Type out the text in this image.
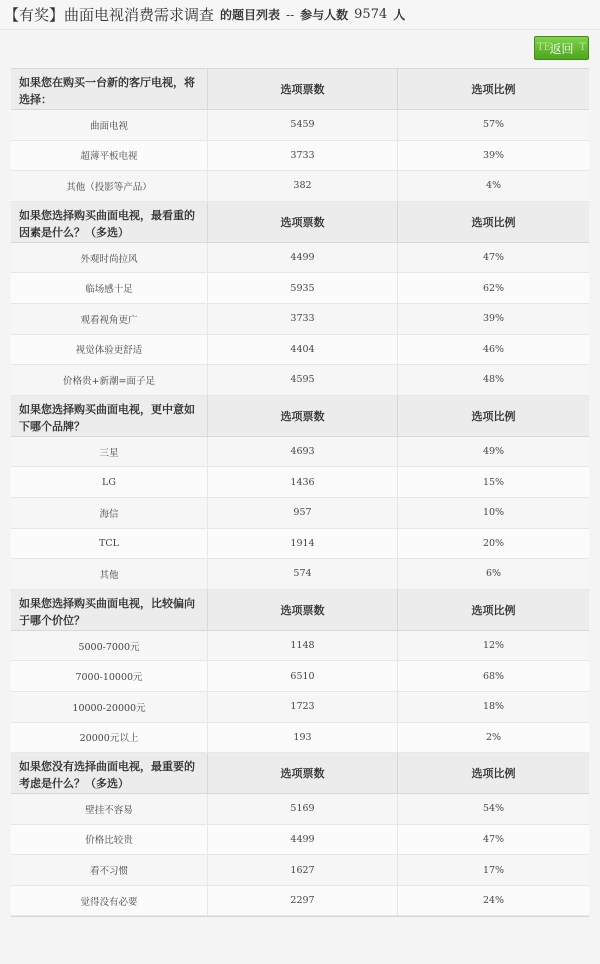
【有奖】曲面电视消费需求调查 的题目列表 -- 参与人数 9574 人
TE
返回 T
如果您在购买一台新的客厅电视，将选择：
选项票数	选项比例
曲面电视	5459	57%
超薄平板电视	3733	39%
其他（投影等产品）	382	4%
如果您选择购买曲面电视，最看重的因素是什么？（多选）
选项票数	选项比例
外观时尚拉风	4499	47%
临场感十足	5935	62%
观看视角更广	3733	39%
视觉体验更舒适	4404	46%
价格贵+新潮=面子足	4595	48%
如果您选择购买曲面电视，更中意如下哪个品牌？
选项票数	选项比例
三星	4693	49%
LG	1436	15%
海信	957	10%
TCL	1914	20%
其他	574	6%
如果您选择购买曲面电视，比较偏向于哪个价位？
选项票数	选项比例
5000-7000元	1148	12%
7000-10000元	6510	68%
10000-20000元	1723	18%
20000元以上	193	2%
如果您没有选择曲面电视，最重要的考虑是什么？（多选）
选项票数	选项比例
壁挂不容易	5169	54%
价格比较贵	4499	47%
看不习惯	1627	17%
觉得没有必要	2297	24%
